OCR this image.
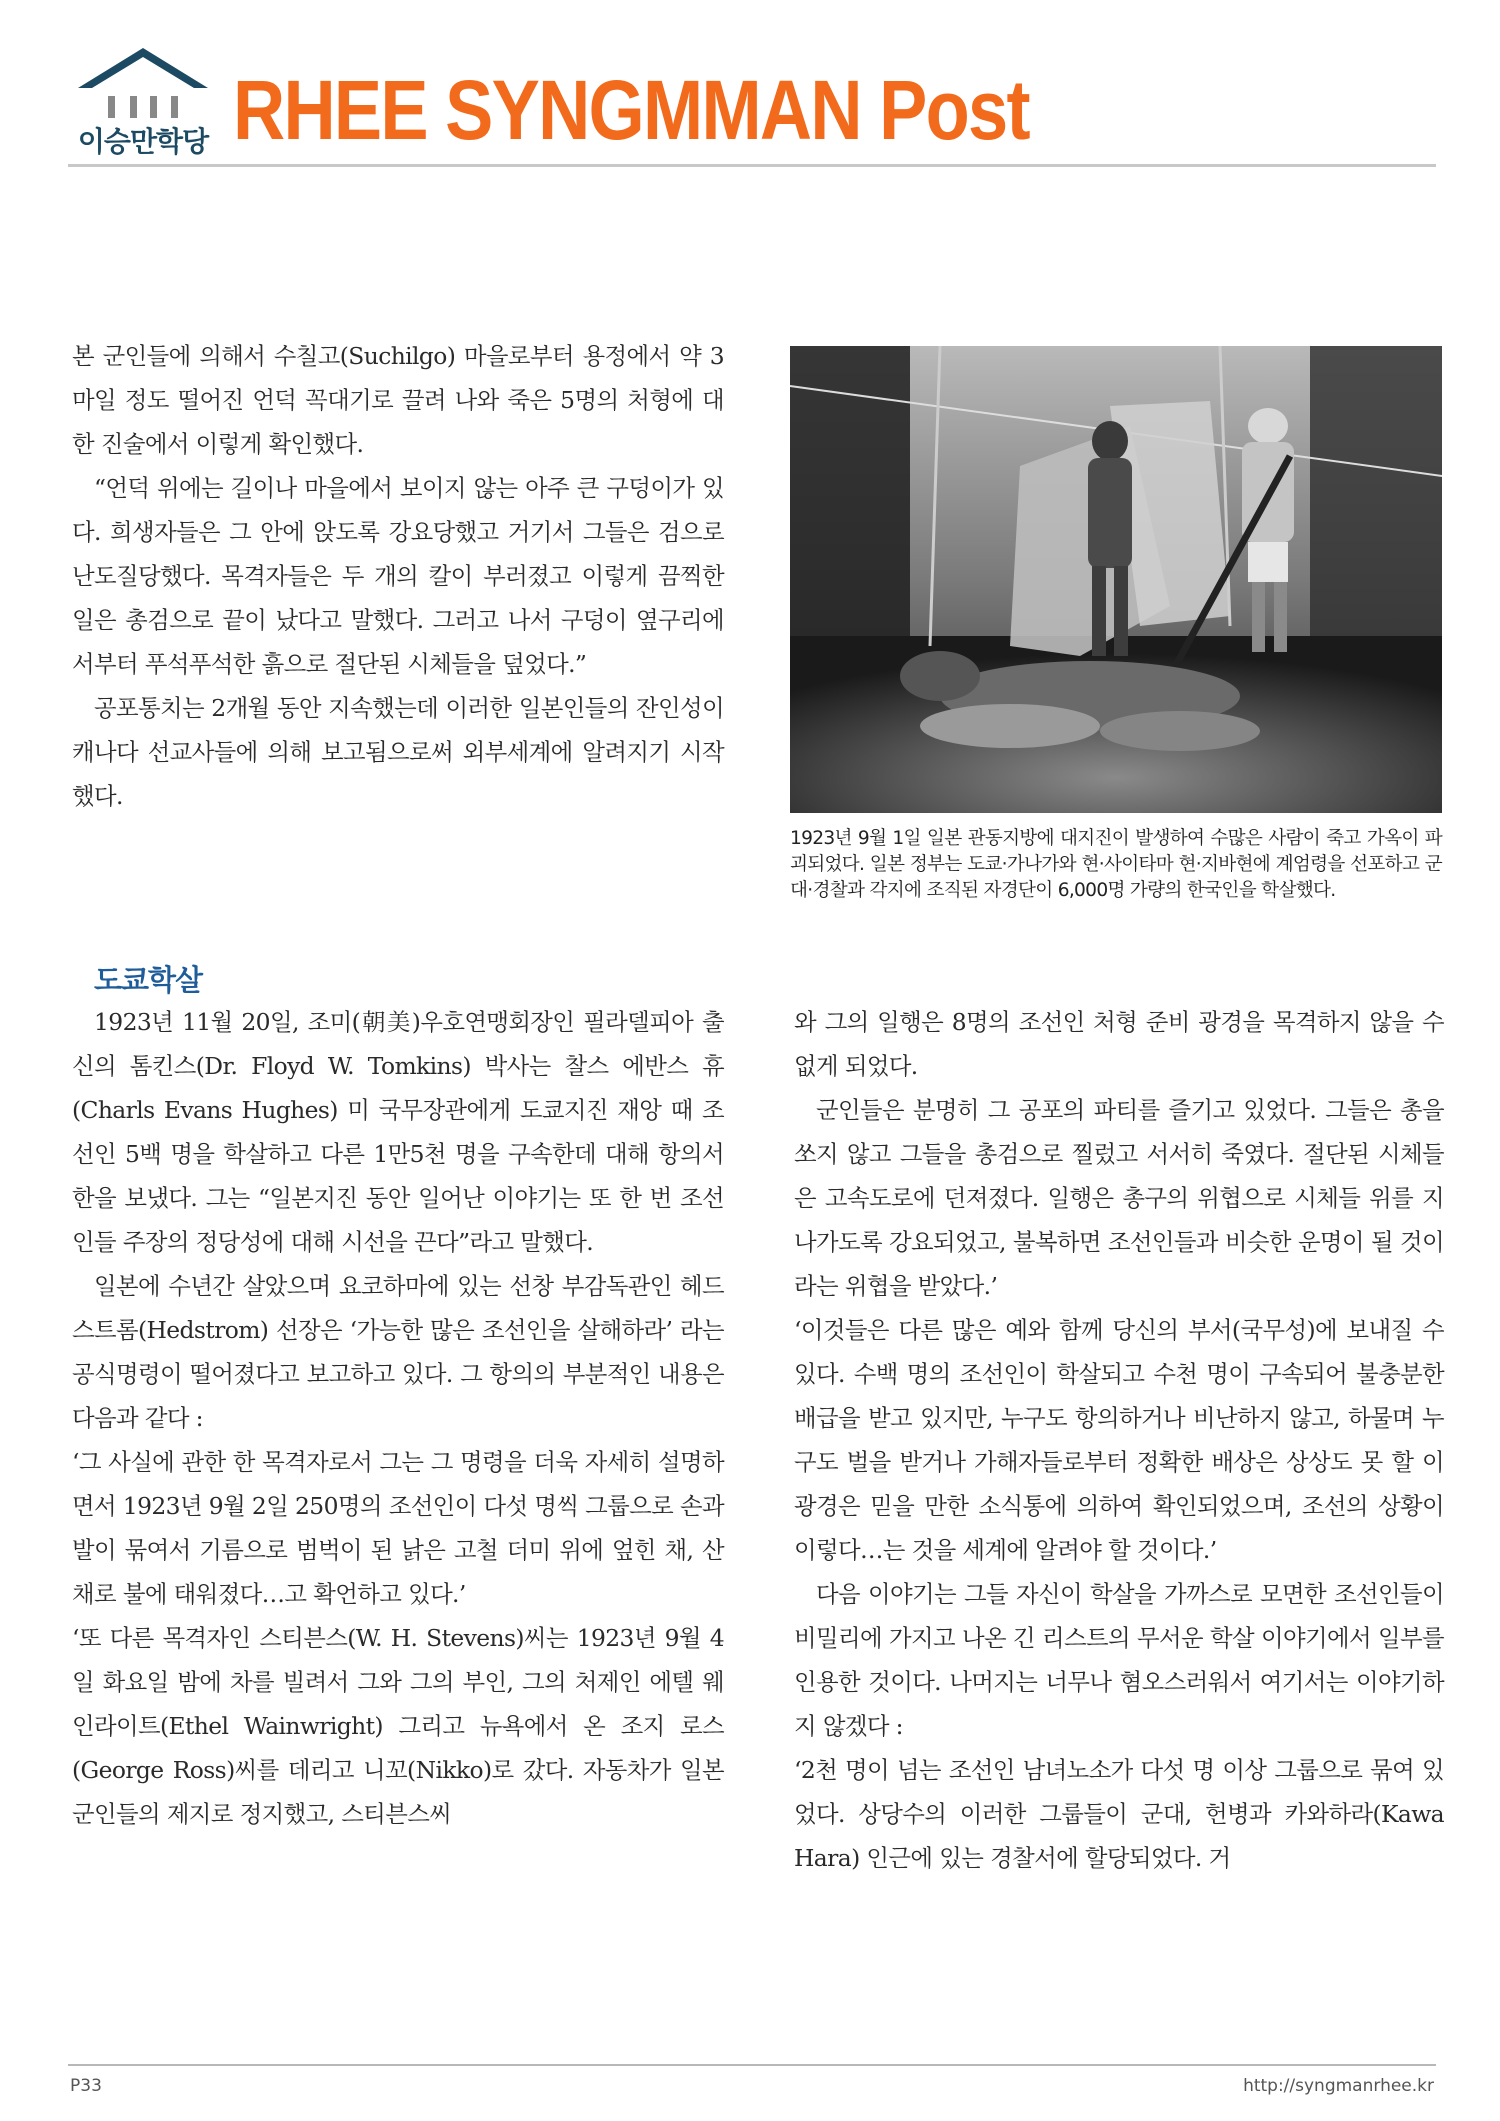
이승만학당 RHEE SYNGMMAN Post

본 군인들에 의해서 수칠고(Suchilgo) 마을로부터 용정에서 약 3마일 정도 떨어진 언덕 꼭대기로 끌려 나와 죽은 5명의 처형에 대한 진술에서 이렇게 확인했다.

“언덕 위에는 길이나 마을에서 보이지 않는 아주 큰 구덩이가 있다. 희생자들은 그 안에 앉도록 강요당했고 거기서 그들은 검으로 난도질당했다. 목격자들은 두 개의 칼이 부러졌고 이렇게 끔찍한 일은 총검으로 끝이 났다고 말했다. 그러고 나서 구덩이 옆구리에서부터 푸석푸석한 흙으로 절단된 시체들을 덮었다.”

공포통치는 2개월 동안 지속했는데 이러한 일본인들의 잔인성이 캐나다 선교사들에 의해 보고됨으로써 외부세계에 알려지기 시작했다.

1923년 9월 1일 일본 관동지방에 대지진이 발생하여 수많은 사람이 죽고 가옥이 파괴되었다. 일본 정부는 도쿄·가나가와 현·사이타마 현·지바현에 계엄령을 선포하고 군대·경찰과 각지에 조직된 자경단이 6,000명 가량의 한국인을 학살했다.
도쿄학살

1923년 11월 20일, 조미(朝美)우호연맹회장인 필라델피아 출신의 톰킨스(Dr. Floyd W. Tomkins) 박사는 찰스 에반스 휴(Charls Evans Hughes) 미 국무장관에게 도쿄지진 재앙 때 조선인 5백 명을 학살하고 다른 1만5천 명을 구속한데 대해 항의서한을 보냈다. 그는 “일본지진 동안 일어난 이야기는 또 한 번 조선인들 주장의 정당성에 대해 시선을 끈다”라고 말했다.

일본에 수년간 살았으며 요코하마에 있는 선창 부감독관인 헤드스트롬(Hedstrom) 선장은 ‘가능한 많은 조선인을 살해하라’ 라는 공식명령이 떨어졌다고 보고하고 있다. 그 항의의 부분적인 내용은 다음과 같다 :

‘그 사실에 관한 한 목격자로서 그는 그 명령을 더욱 자세히 설명하면서 1923년 9월 2일 250명의 조선인이 다섯 명씩 그룹으로 손과 발이 묶여서 기름으로 범벅이 된 낡은 고철 더미 위에 엎힌 채, 산채로 불에 태워졌다…고 확언하고 있다.’

‘또 다른 목격자인 스티븐스(W. H. Stevens)씨는 1923년 9월 4일 화요일 밤에 차를 빌려서 그와 그의 부인, 그의 처제인 에텔 웨인라이트(Ethel Wainwright) 그리고 뉴욕에서 온 조지 로스(George Ross)씨를 데리고 니꼬(Nikko)로 갔다. 자동차가 일본 군인들의 제지로 정지했고, 스티븐스씨

와 그의 일행은 8명의 조선인 처형 준비 광경을 목격하지 않을 수 없게 되었다.

군인들은 분명히 그 공포의 파티를 즐기고 있었다. 그들은 총을 쏘지 않고 그들을 총검으로 찔렀고 서서히 죽였다. 절단된 시체들은 고속도로에 던져졌다. 일행은 총구의 위협으로 시체들 위를 지나가도록 강요되었고, 불복하면 조선인들과 비슷한 운명이 될 것이라는 위협을 받았다.’

‘이것들은 다른 많은 예와 함께 당신의 부서(국무성)에 보내질 수 있다. 수백 명의 조선인이 학살되고 수천 명이 구속되어 불충분한 배급을 받고 있지만, 누구도 항의하거나 비난하지 않고, 하물며 누구도 벌을 받거나 가해자들로부터 정확한 배상은 상상도 못 할 이 광경은 믿을 만한 소식통에 의하여 확인되었으며, 조선의 상황이 이렇다…는 것을 세계에 알려야 할 것이다.’

다음 이야기는 그들 자신이 학살을 가까스로 모면한 조선인들이 비밀리에 가지고 나온 긴 리스트의 무서운 학살 이야기에서 일부를 인용한 것이다. 나머지는 너무나 혐오스러워서 여기서는 이야기하지 않겠다 :

‘2천 명이 넘는 조선인 남녀노소가 다섯 명 이상 그룹으로 묶여 있었다. 상당수의 이러한 그룹들이 군대, 헌병과 카와하라(Kawa Hara) 인근에 있는 경찰서에 할당되었다. 거

P33	http://syngmanrhee.kr
